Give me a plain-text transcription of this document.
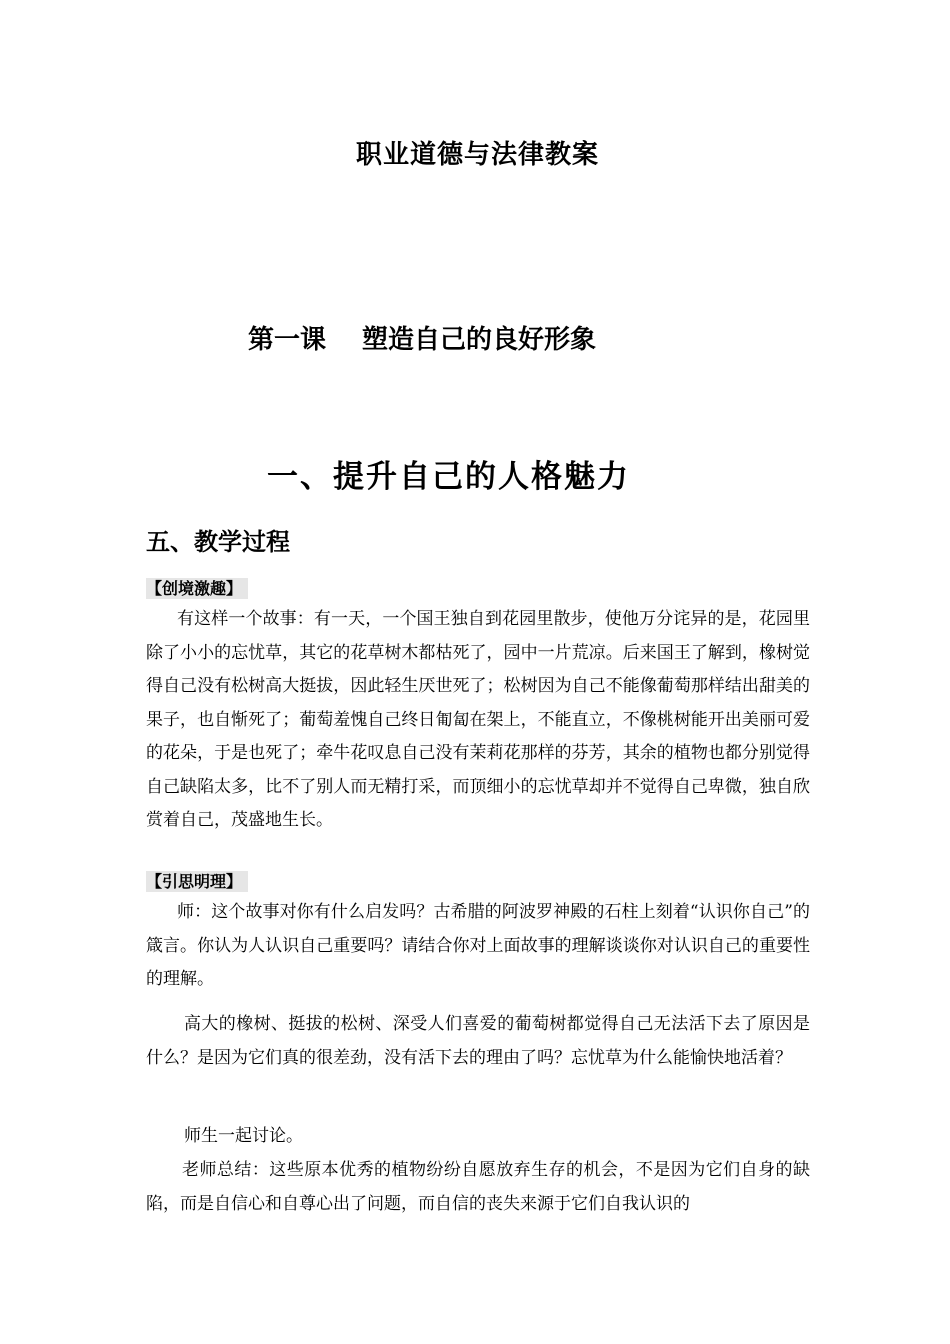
职业道德与法律教案
第一课 塑造自己的良好形象
一、提升自己的人格魅力
五、教学过程
【创境激趣】

有这样一个故事：有一天，一个国王独自到花园里散步，使他万分诧异的是，花园里除了小小的忘忧草，其它的花草树木都枯死了，园中一片荒凉。后来国王了解到，橡树觉得自己没有松树高大挺拔，因此轻生厌世死了；松树因为自己不能像葡萄那样结出甜美的果子，也自惭死了；葡萄羞愧自己终日匍匐在架上，不能直立，不像桃树能开出美丽可爱的花朵，于是也死了；牵牛花叹息自己没有茉莉花那样的芬芳，其余的植物也都分别觉得自己缺陷太多，比不了别人而无精打采，而顶细小的忘忧草却并不觉得自己卑微，独自欣赏着自己，茂盛地生长。

【引思明理】

师：这个故事对你有什么启发吗？古希腊的阿波罗神殿的石柱上刻着“认识你自己”的箴言。你认为人认识自己重要吗？请结合你对上面故事的理解谈谈你对认识自己的重要性的理解。

高大的橡树、挺拔的松树、深受人们喜爱的葡萄树都觉得自己无法活下去了原因是什么？是因为它们真的很差劲，没有活下去的理由了吗？忘忧草为什么能愉快地活着？

师生一起讨论。

老师总结：这些原本优秀的植物纷纷自愿放弃生存的机会，不是因为它们自身的缺陷，而是自信心和自尊心出了问题，而自信的丧失来源于它们自我认识的
